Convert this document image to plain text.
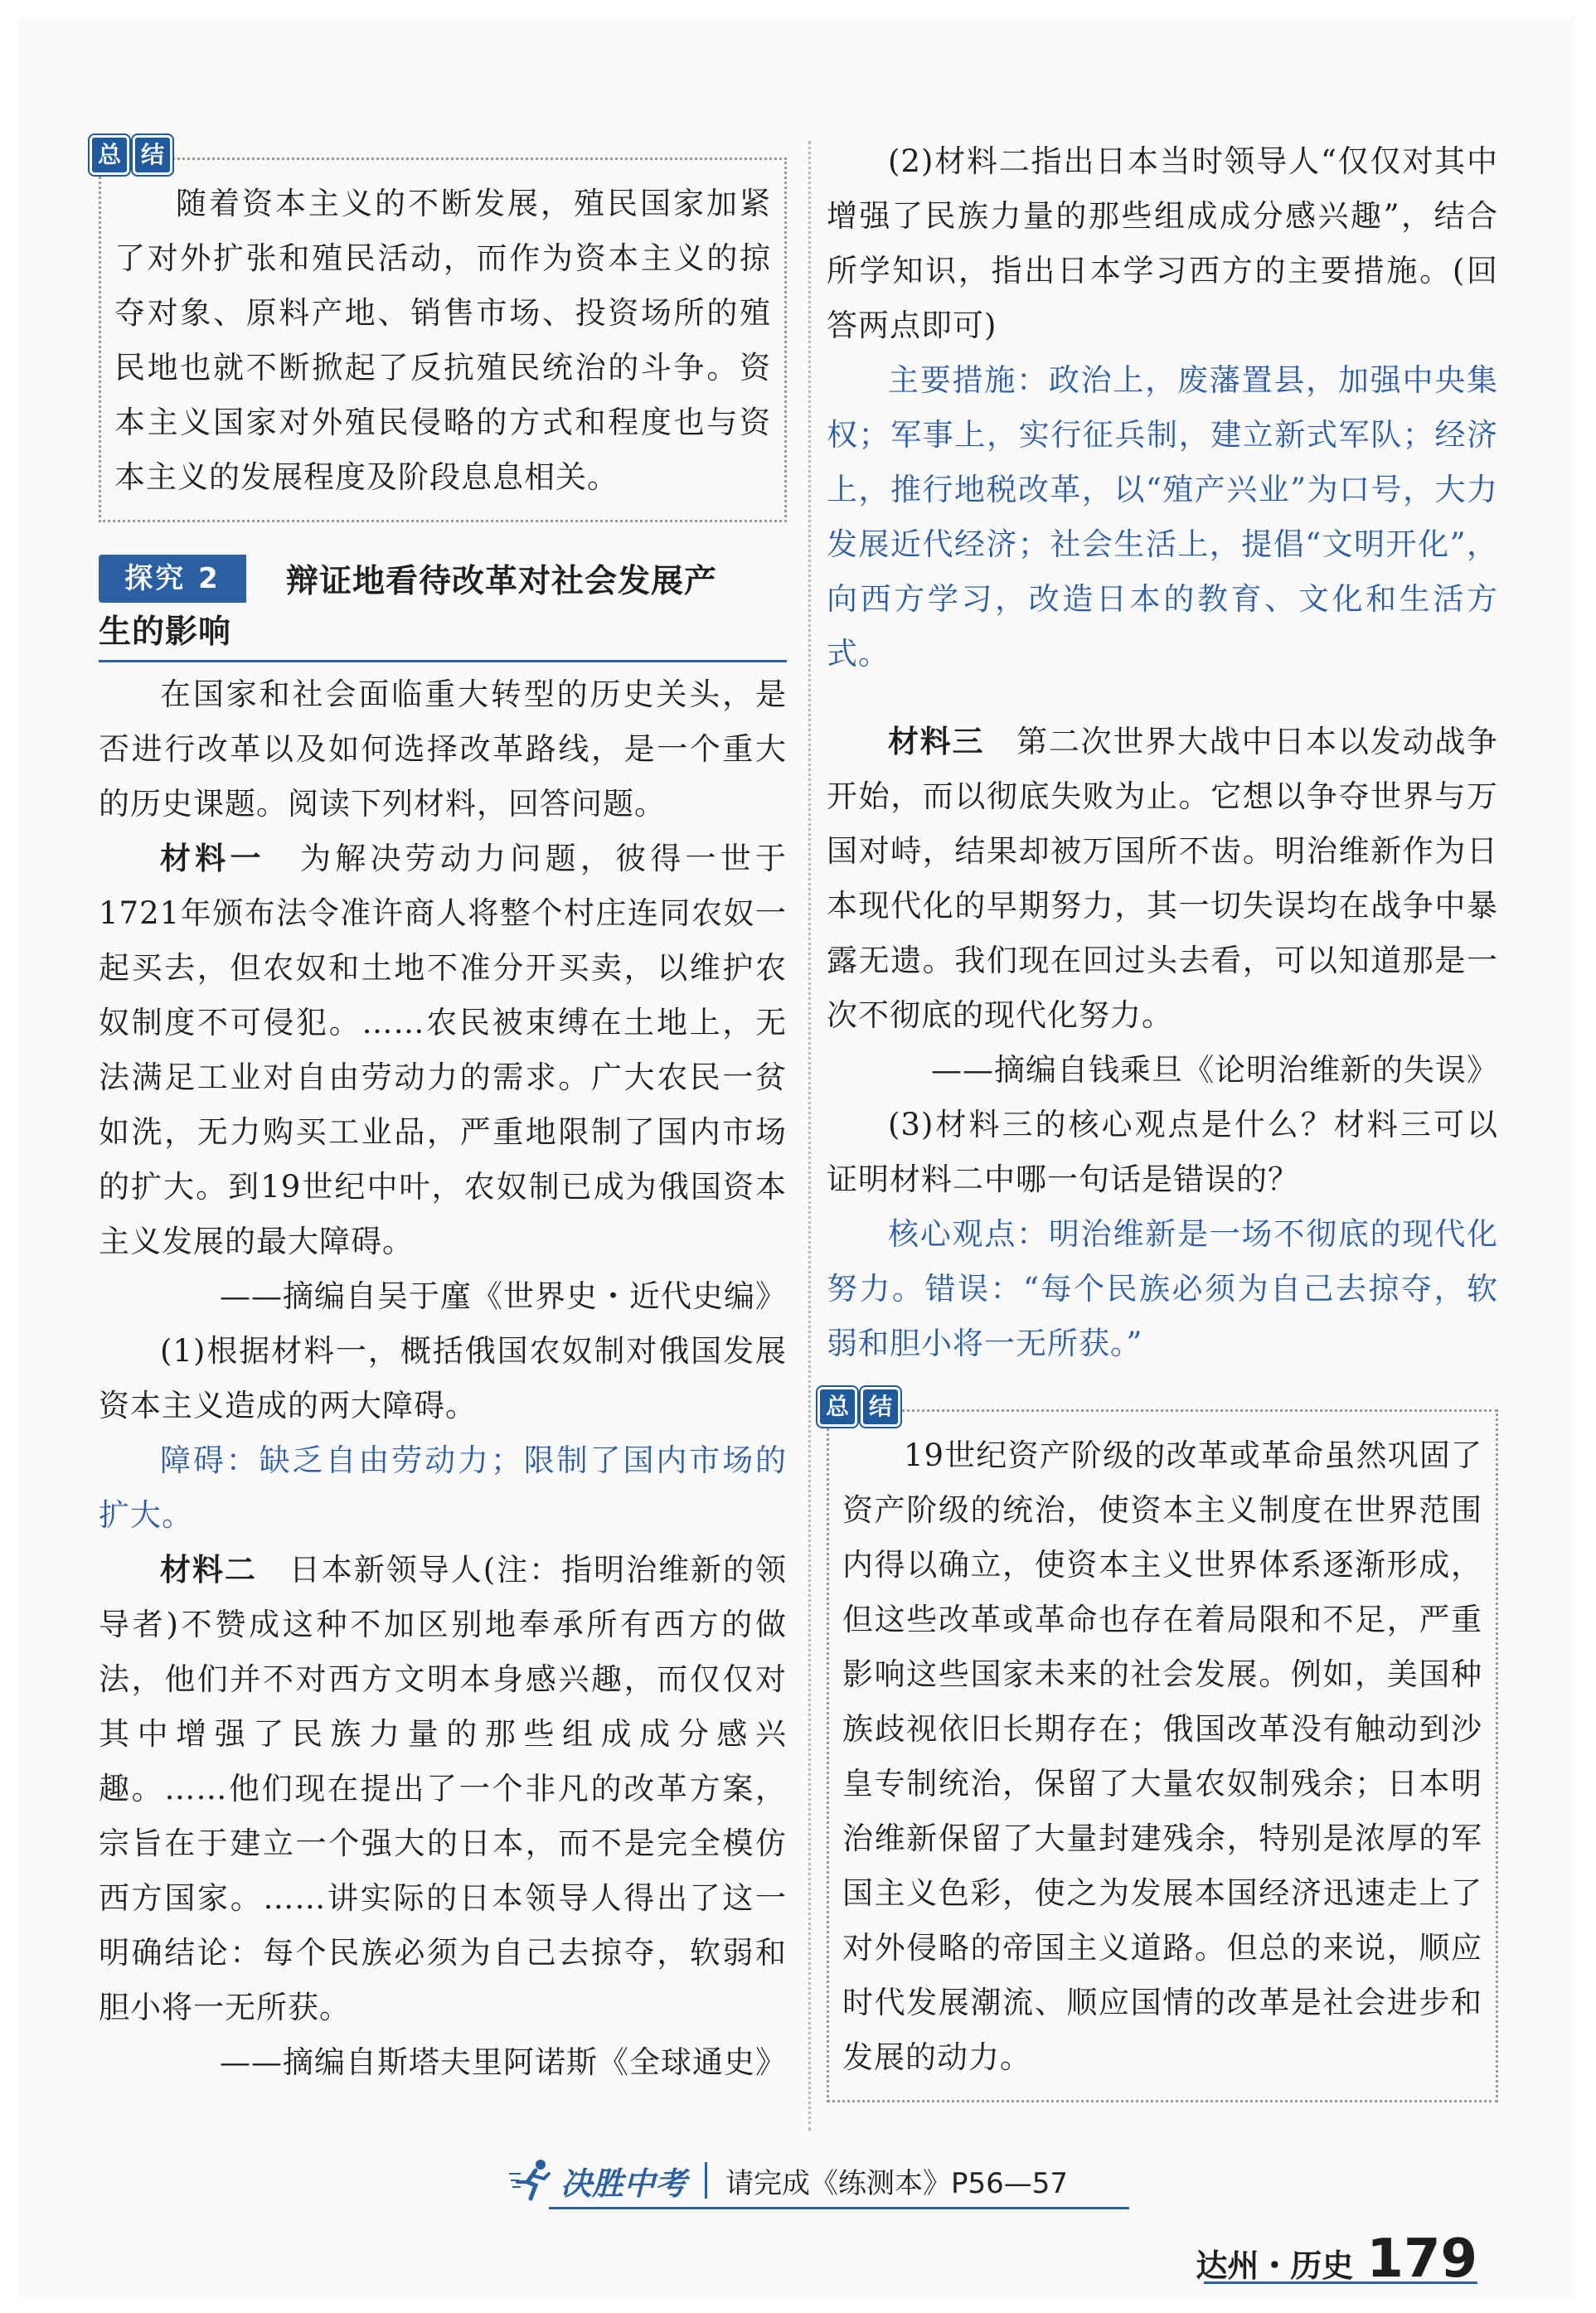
总 结

随着资本主义的不断发展，殖民国家加紧了对外扩张和殖民活动，而作为资本主义的掠夺对象、原料产地、销售市场、投资场所的殖民地也就不断掀起了反抗殖民统治的斗争。资本主义国家对外殖民侵略的方式和程度也与资本主义的发展程度及阶段息息相关。

探究 2	辩证地看待改革对社会发展产
生的影响

在国家和社会面临重大转型的历史关头，是否进行改革以及如何选择改革路线，是一个重大的历史课题。阅读下列材料，回答问题。

材料一　 为解决劳动力问题，彼得一世于1721年颁布法令准许商人将整个村庄连同农奴一起买去，但农奴和土地不准分开买卖，以维护农奴制度不可侵犯。……农民被束缚在土地上，无法满足工业对自由劳动力的需求。广大农民一贫如洗，无力购买工业品，严重地限制了国内市场的扩大。到19世纪中叶，农奴制已成为俄国资本主义发展的最大障碍。

——摘编自吴于廑《世界史・近代史编》

(1)根据材料一，概括俄国农奴制对俄国发展资本主义造成的两大障碍。

障碍：缺乏自由劳动力；限制了国内市场的扩大。

材料二　 日本新领导人(注：指明治维新的领导者)不赞成这种不加区别地奉承所有西方的做法，他们并不对西方文明本身感兴趣，而仅仅对其中增强了民族力量的那些组成成分感兴趣。……他们现在提出了一个非凡的改革方案，宗旨在于建立一个强大的日本，而不是完全模仿西方国家。……讲实际的日本领导人得出了这一明确结论：每个民族必须为自己去掠夺，软弱和胆小将一无所获。

——摘编自斯塔夫里阿诺斯《全球通史》

(2)材料二指出日本当时领导人“仅仅对其中增强了民族力量的那些组成成分感兴趣”，结合所学知识，指出日本学习西方的主要措施。(回答两点即可)

主要措施：政治上，废藩置县，加强中央集权；军事上，实行征兵制，建立新式军队；经济上，推行地税改革，以“殖产兴业”为口号，大力发展近代经济；社会生活上，提倡“文明开化”，向西方学习，改造日本的教育、文化和生活方式。

材料三　 第二次世界大战中日本以发动战争开始，而以彻底失败为止。它想以争夺世界与万国对峙，结果却被万国所不齿。明治维新作为日本现代化的早期努力，其一切失误均在战争中暴露无遗。我们现在回过头去看，可以知道那是一次不彻底的现代化努力。

——摘编自钱乘旦《论明治维新的失误》

(3)材料三的核心观点是什么？材料三可以证明材料二中哪一句话是错误的？

核心观点：明治维新是一场不彻底的现代化努力。错误：“每个民族必须为自己去掠夺，软弱和胆小将一无所获。”

总 结

19世纪资产阶级的改革或革命虽然巩固了资产阶级的统治，使资本主义制度在世界范围内得以确立，使资本主义世界体系逐渐形成，但这些改革或革命也存在着局限和不足，严重影响这些国家未来的社会发展。例如，美国种族歧视依旧长期存在；俄国改革没有触动到沙皇专制统治，保留了大量农奴制残余；日本明治维新保留了大量封建残余，特别是浓厚的军国主义色彩，使之为发展本国经济迅速走上了对外侵略的帝国主义道路。但总的来说，顺应时代发展潮流、顺应国情的改革是社会进步和发展的动力。

决胜中考 请完成《练测本》P56—57
达州・历史 179
